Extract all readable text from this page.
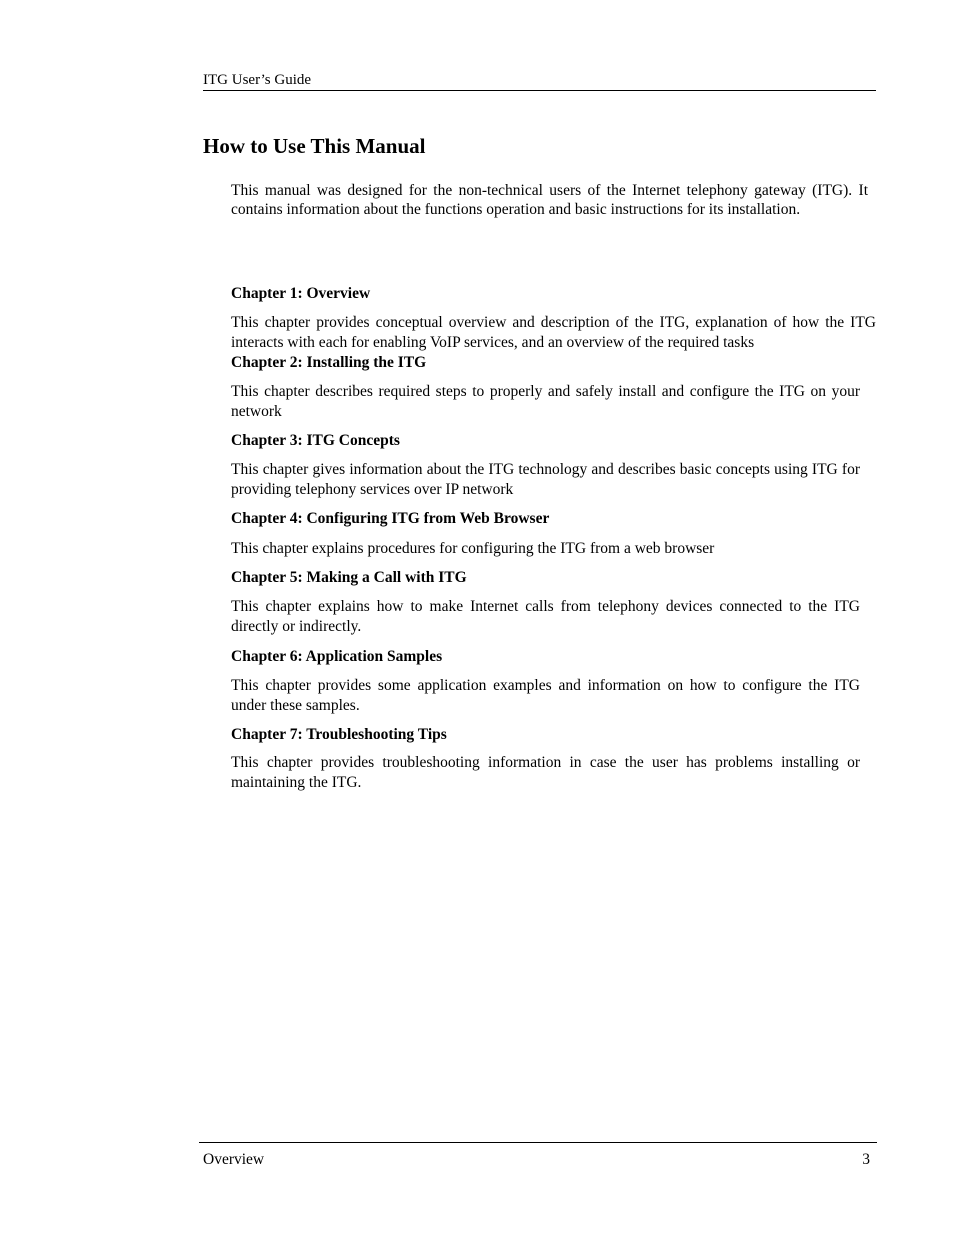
ITG User’s Guide
How to Use This Manual

This manual was designed for the non-technical users of the Internet telephony gateway (ITG). It contains information about the functions operation and basic instructions for its installation.

Chapter 1: Overview

This chapter provides conceptual overview and description of the ITG, explanation of how the ITG interacts with each for enabling VoIP services, and an overview of the required tasks

Chapter 2: Installing the ITG

This chapter describes required steps to properly and safely install and configure the ITG on your network

Chapter 3: ITG Concepts

This chapter gives information about the ITG technology and describes basic concepts using ITG for providing telephony services over IP network

Chapter 4: Configuring ITG from Web Browser

This chapter explains procedures for configuring the ITG from a web browser

Chapter 5: Making a Call with ITG

This chapter explains how to make Internet calls from telephony devices connected to the ITG directly or indirectly.

Chapter 6: Application Samples

This chapter provides some application examples and information on how to configure the ITG under these samples.

Chapter 7: Troubleshooting Tips

This chapter provides troubleshooting information in case the user has problems installing or maintaining the ITG.

Overview	3
